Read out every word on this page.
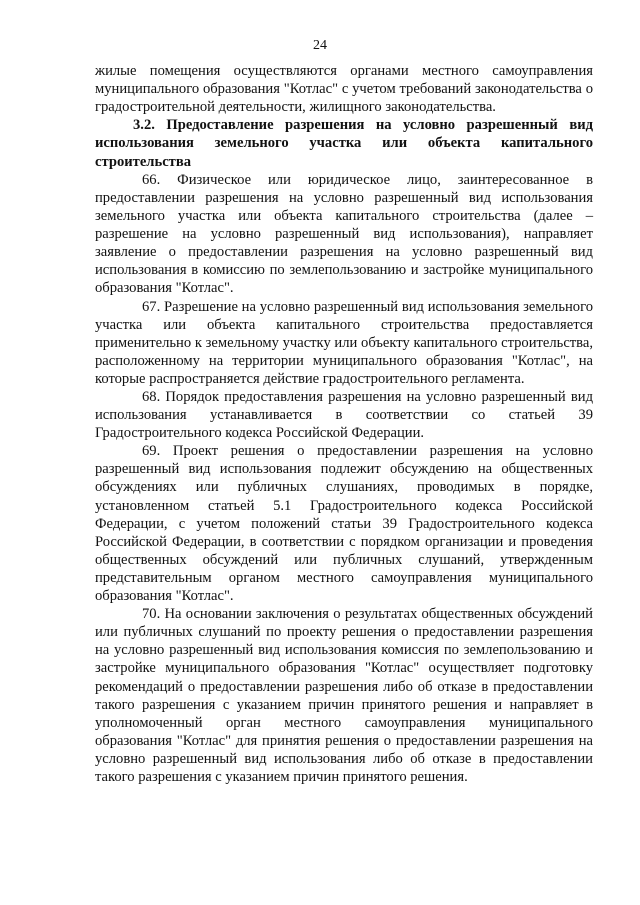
24

жилые помещения осуществляются органами местного самоуправления муниципального образования "Котлас" с учетом требований законодательства о градостроительной деятельности, жилищного законодательства.

3.2. Предоставление разрешения на условно разрешенный вид использования земельного участка или объекта капитального строительства

66. Физическое или юридическое лицо, заинтересованное в предоставлении разрешения на условно разрешенный вид использования земельного участка или объекта капитального строительства (далее – разрешение на условно разрешенный вид использования), направляет заявление о предоставлении разрешения на условно разрешенный вид использования в комиссию по землепользованию и застройке муниципального образования "Котлас".

67. Разрешение на условно разрешенный вид использования земельного участка или объекта капитального строительства предоставляется применительно к земельному участку или объекту капитального строительства, расположенному на территории муниципального образования "Котлас", на которые распространяется действие градостроительного регламента.

68. Порядок предоставления разрешения на условно разрешенный вид использования устанавливается в соответствии со статьей 39 Градостроительного кодекса Российской Федерации.

69. Проект решения о предоставлении разрешения на условно разрешенный вид использования подлежит обсуждению на общественных обсуждениях или публичных слушаниях, проводимых в порядке, установленном статьей 5.1 Градостроительного кодекса Российской Федерации, с учетом положений статьи 39 Градостроительного кодекса Российской Федерации, в соответствии с порядком организации и проведения общественных обсуждений или публичных слушаний, утвержденным представительным органом местного самоуправления муниципального образования "Котлас".

70. На основании заключения о результатах общественных обсуждений или публичных слушаний по проекту решения о предоставлении разрешения на условно разрешенный вид использования комиссия по землепользованию и застройке муниципального образования "Котлас" осуществляет подготовку рекомендаций о предоставлении разрешения либо об отказе в предоставлении такого разрешения с указанием причин принятого решения и направляет в уполномоченный орган местного самоуправления муниципального образования "Котлас" для принятия решения о предоставлении разрешения на условно разрешенный вид использования либо об отказе в предоставлении такого разрешения с указанием причин принятого решения.
